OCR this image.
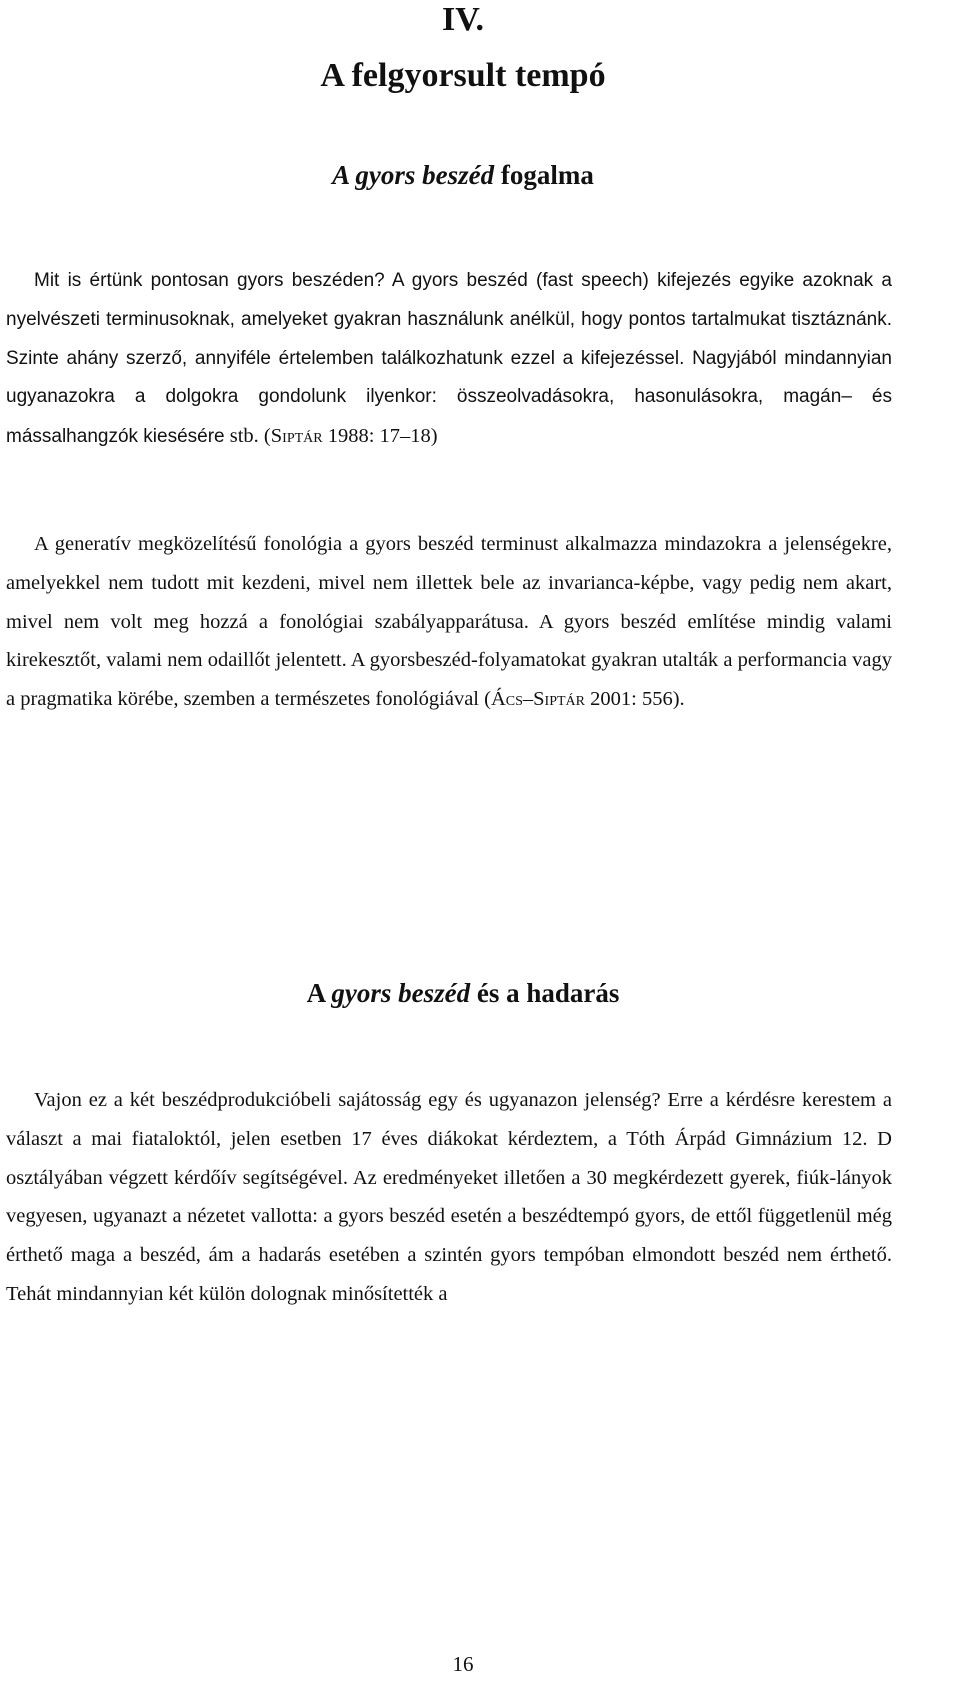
IV.
A felgyorsult tempó
A gyors beszéd fogalma

Mit is értünk pontosan gyors beszéden? A gyors beszéd (fast speech) kifejezés egyike azoknak a nyelvészeti terminusoknak, amelyeket gyakran használunk anélkül, hogy pontos tartalmukat tisztáznánk. Szinte ahány szerző, annyiféle értelemben találkozhatunk ezzel a kifejezéssel. Nagyjából mindannyian ugyanazokra a dolgokra gondolunk ilyenkor: összeolvadásokra, hasonulásokra, magán– és mássalhangzók kiesésére stb. (Siptár 1988: 17–18)

A generatív megközelítésű fonológia a gyors beszéd terminust alkalmazza mindazokra a jelenségekre, amelyekkel nem tudott mit kezdeni, mivel nem illettek bele az invarianca-képbe, vagy pedig nem akart, mivel nem volt meg hozzá a fonológiai szabályapparátusa. A gyors beszéd említése mindig valami kirekesztőt, valami nem odaillőt jelentett. A gyorsbeszéd-folyamatokat gyakran utalták a performancia vagy a pragmatika körébe, szemben a természetes fonológiával (Ács–Siptár 2001: 556).

A gyors beszéd és a hadarás

Vajon ez a két beszédprodukcióbeli sajátosság egy és ugyanazon jelenség? Erre a kérdésre kerestem a választ a mai fiataloktól, jelen esetben 17 éves diákokat kérdeztem, a Tóth Árpád Gimnázium 12. D osztályában végzett kérdőív segítségével. Az eredményeket illetően a 30 megkérdezett gyerek, fiúk-lányok vegyesen, ugyanazt a nézetet vallotta: a gyors beszéd esetén a beszédtempó gyors, de ettől függetlenül még érthető maga a beszéd, ám a hadarás esetében a szintén gyors tempóban elmondott beszéd nem érthető. Tehát mindannyian két külön dolognak minősítették a

16
